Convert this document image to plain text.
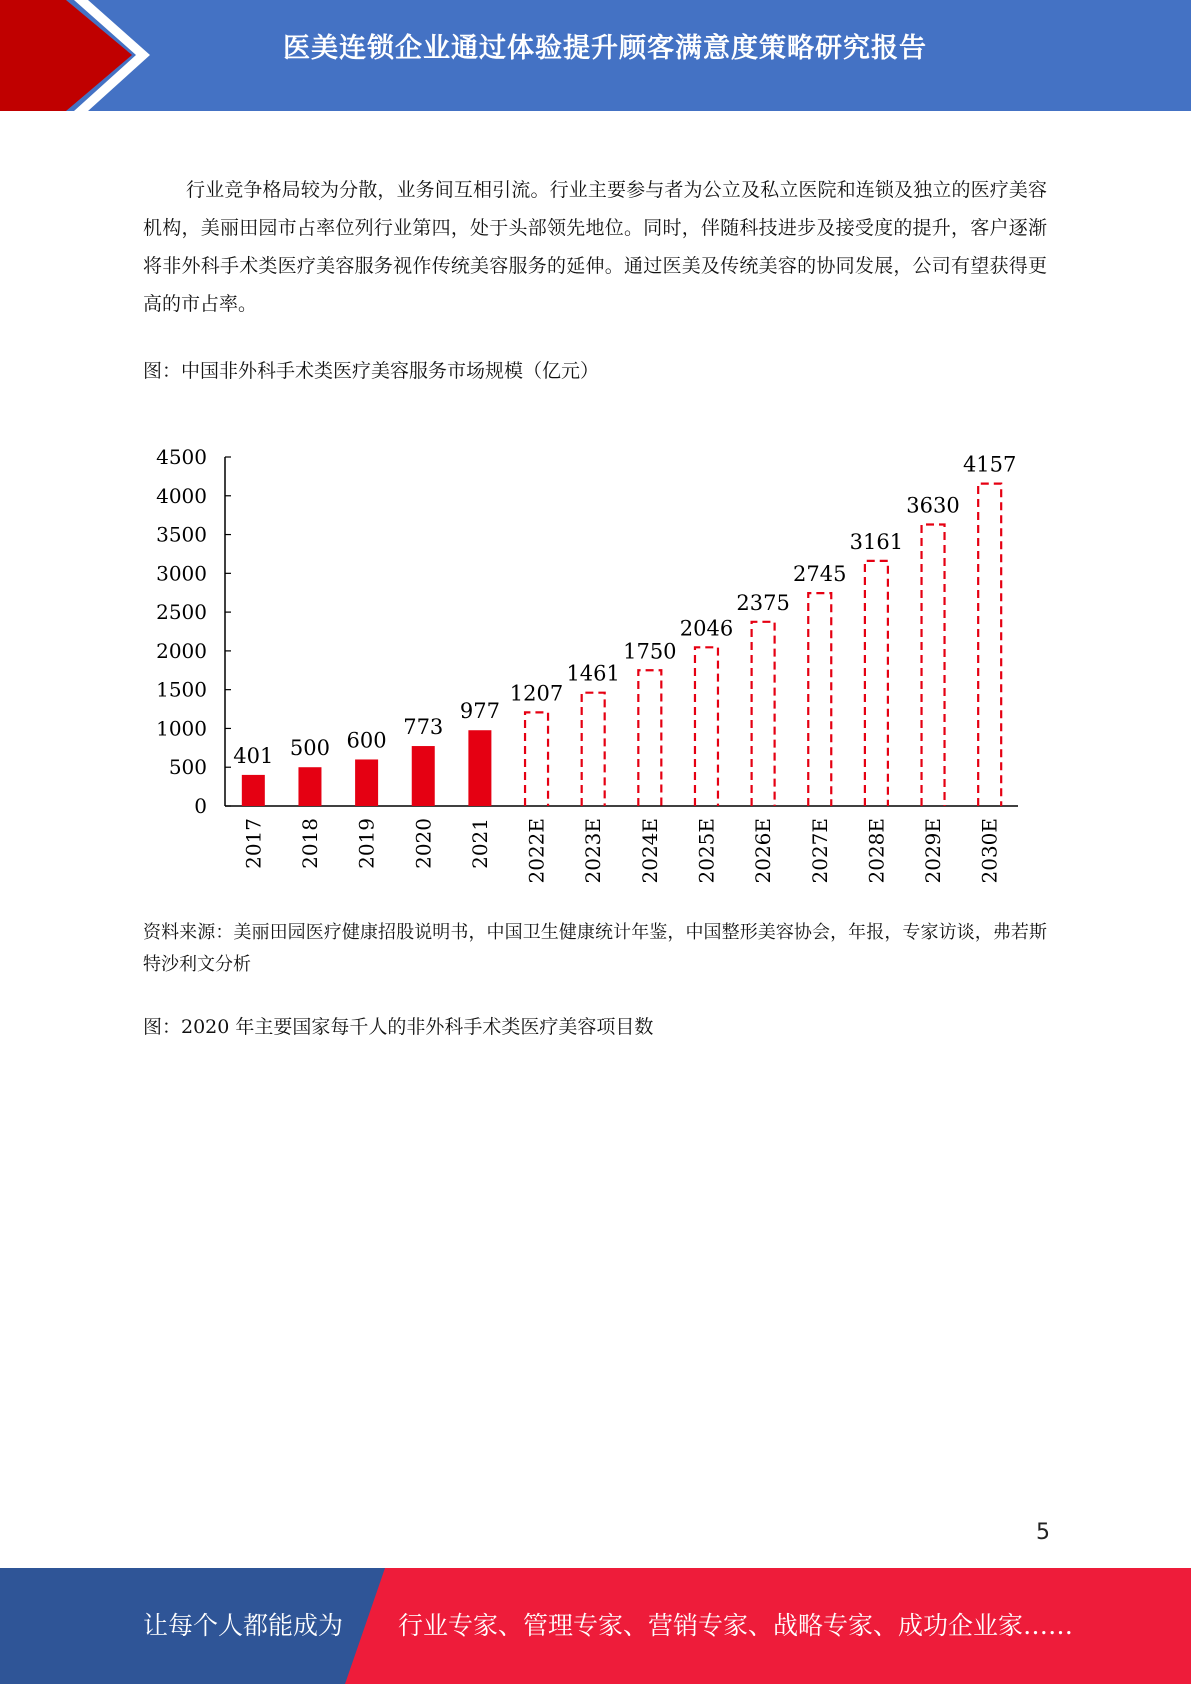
医美连锁企业通过体验提升顾客满意度策略研究报告

行业竞争格局较为分散，业务间互相引流。行业主要参与者为公立及私立医院和连锁及独立的医疗美容机构，美丽田园市占率位列行业第四，处于头部领先地位。同时，伴随科技进步及接受度的提升，客户逐渐将非外科手术类医疗美容服务视作传统美容服务的延伸。通过医美及传统美容的协同发展，公司有望获得更高的市占率。

图：中国非外科手术类医疗美容服务市场规模（亿元）

0
500
1000
1500
2000
2500
3000
3500
4000
4500
401
2017
500
2018
600
2019
773
2020
977
2021
1207
2022E
1461
2023E
1750
2024E
2046
2025E
2375
2026E
2745
2027E
3161
2028E
3630
2029E
4157
2030E

资料来源：美丽田园医疗健康招股说明书，中国卫生健康统计年鉴，中国整形美容协会，年报，专家访谈，弗若斯特沙利文分析

图：2020 年主要国家每千人的非外科手术类医疗美容项目数

5
让每个人都能成为 行业专家、管理专家、营销专家、战略专家、成功企业家……
